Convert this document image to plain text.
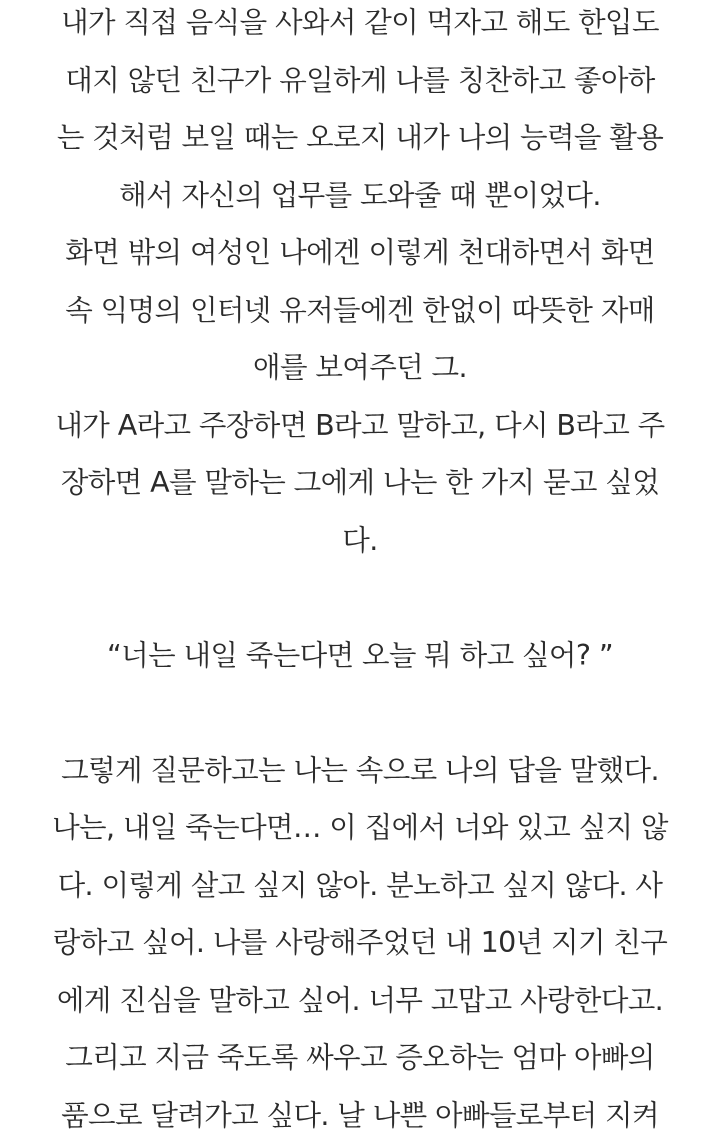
내가 직접 음식을 사와서 같이 먹자고 해도 한입도
대지 않던 친구가 유일하게 나를 칭찬하고 좋아하
는 것처럼 보일 때는 오로지 내가 나의 능력을 활용
해서 자신의 업무를 도와줄 때 뿐이었다.
화면 밖의 여성인 나에겐 이렇게 천대하면서 화면
속 익명의 인터넷 유저들에겐 한없이 따뜻한 자매
애를 보여주던 그.
내가 A라고 주장하면 B라고 말하고, 다시 B라고 주
장하면 A를 말하는 그에게 나는 한 가지 묻고 싶었
다.
“너는 내일 죽는다면 오늘 뭐 하고 싶어? ”
그렇게 질문하고는 나는 속으로 나의 답을 말했다.
나는, 내일 죽는다면… 이 집에서 너와 있고 싶지 않
다. 이렇게 살고 싶지 않아. 분노하고 싶지 않다. 사
랑하고 싶어. 나를 사랑해주었던 내 10년 지기 친구
에게 진심을 말하고 싶어. 너무 고맙고 사랑한다고.
그리고 지금 죽도록 싸우고 증오하는 엄마 아빠의
품으로 달려가고 싶다. 날 나쁜 아빠들로부터 지켜
